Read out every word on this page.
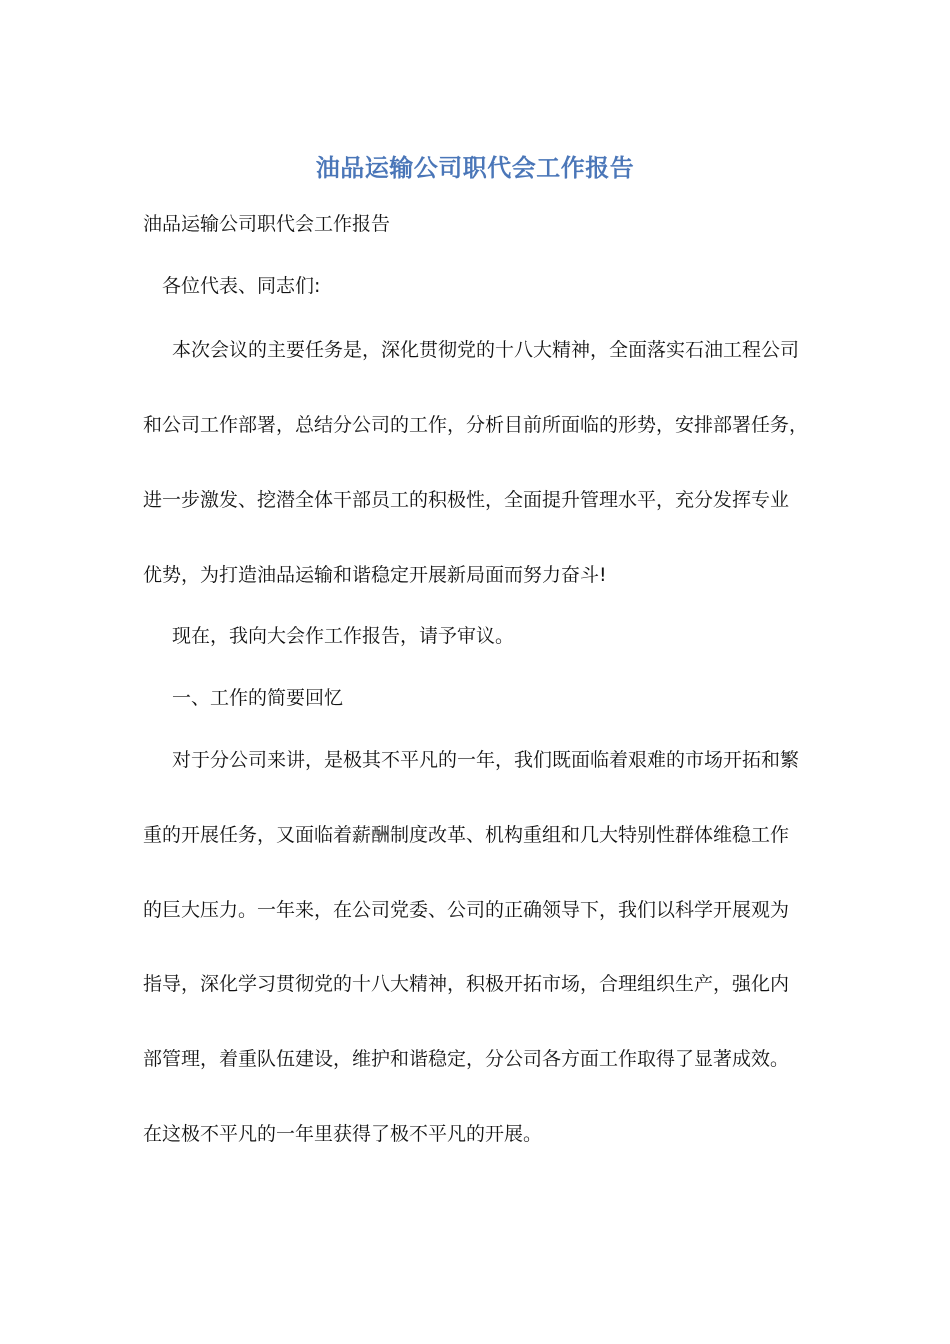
油品运输公司职代会工作报告
油品运输公司职代会工作报告
各位代表、同志们:
本次会议的主要任务是，深化贯彻党的十八大精神，全面落实石油工程公司
和公司工作部署，总结分公司的工作，分析目前所面临的形势，安排部署任务，
进一步激发、挖潜全体干部员工的积极性，全面提升管理水平，充分发挥专业
优势，为打造油品运输和谐稳定开展新局面而努力奋斗!
现在，我向大会作工作报告，请予审议。
一、工作的简要回忆
对于分公司来讲，是极其不平凡的一年，我们既面临着艰难的市场开拓和繁
重的开展任务，又面临着薪酬制度改革、机构重组和几大特别性群体维稳工作
的巨大压力。一年来，在公司党委、公司的正确领导下，我们以科学开展观为
指导，深化学习贯彻党的十八大精神，积极开拓市场，合理组织生产，强化内
部管理，着重队伍建设，维护和谐稳定，分公司各方面工作取得了显著成效。
在这极不平凡的一年里获得了极不平凡的开展。
